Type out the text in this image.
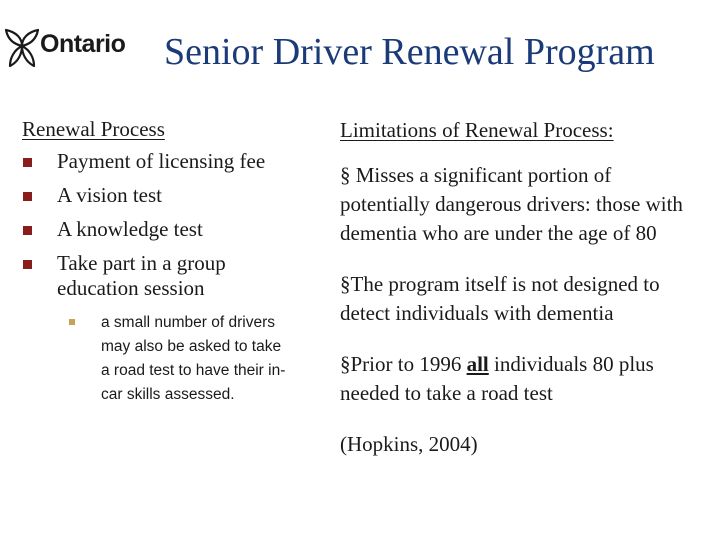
Ontario Senior Driver Renewal Program
Renewal Process
Payment of licensing fee
A vision test
A knowledge test
Take part in a group education session
a small number of drivers may also be asked to take a road test to have their in-car skills assessed.
Limitations of Renewal Process:

§ Misses a significant portion of potentially dangerous drivers: those with dementia who are under the age of 80

§The program itself is not designed to detect individuals with dementia

§Prior to 1996 all individuals 80 plus needed to take a road test

(Hopkins, 2004)
